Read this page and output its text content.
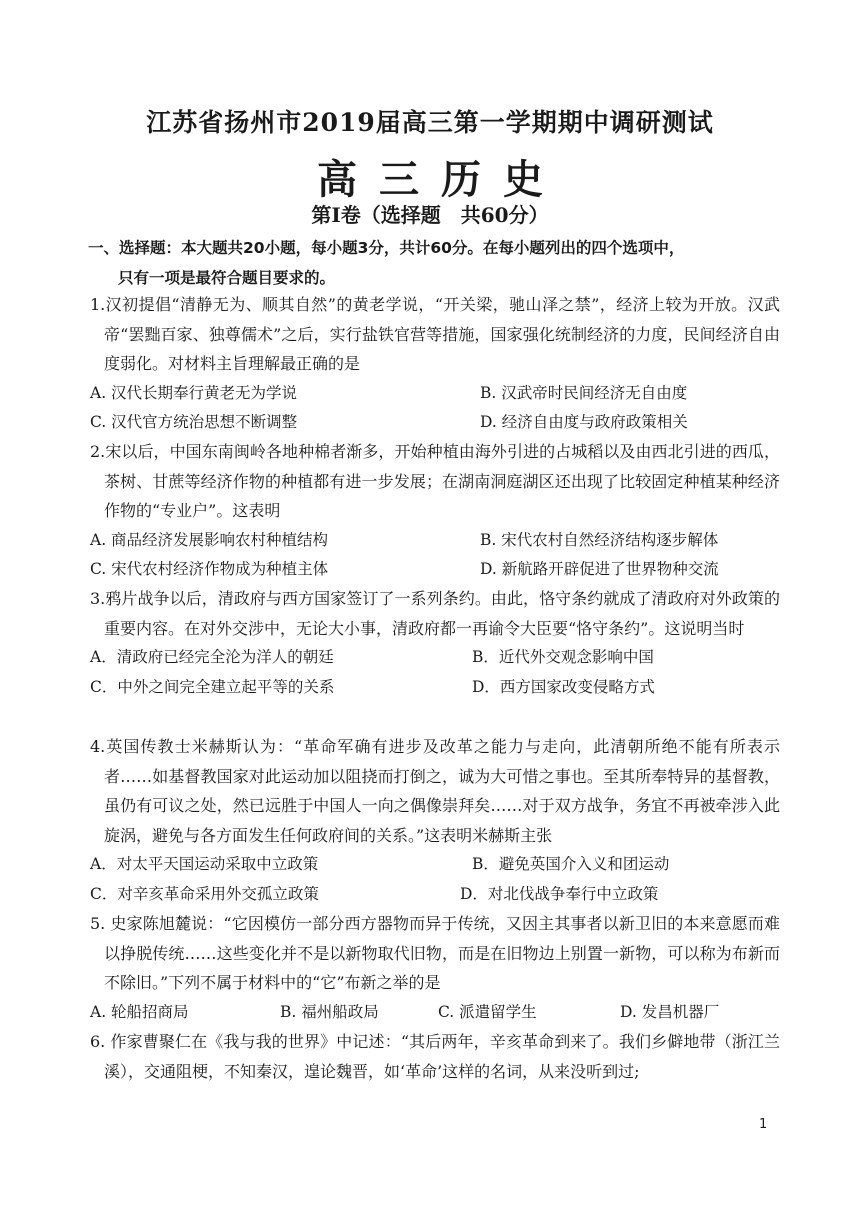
江苏省扬州市2019届高三第一学期期中调研测试
高三历史
第Ⅰ卷（选择题　共60分）
一、选择题：本大题共20小题，每小题3分，共计60分。在每小题列出的四个选项中，
只有一项是最符合题目要求的。
1.汉初提倡“清静无为、顺其自然”的黄老学说，“开关梁，驰山泽之禁”，经济上较为开放。汉武帝“罢黜百家、独尊儒术”之后，实行盐铁官营等措施，国家强化统制经济的力度，民间经济自由度弱化。对材料主旨理解最正确的是
A. 汉代长期奉行黄老无为学说	B. 汉武帝时民间经济无自由度
C. 汉代官方统治思想不断调整	D. 经济自由度与政府政策相关
2.宋以后，中国东南闽岭各地种棉者渐多，开始种植由海外引进的占城稻以及由西北引进的西瓜，茶树、甘蔗等经济作物的种植都有进一步发展；在湖南洞庭湖区还出现了比较固定种植某种经济作物的“专业户”。这表明
A. 商品经济发展影响农村种植结构	B. 宋代农村自然经济结构逐步解体
C. 宋代农村经济作物成为种植主体	D. 新航路开辟促进了世界物种交流
3.鸦片战争以后，清政府与西方国家签订了一系列条约。由此，恪守条约就成了清政府对外政策的重要内容。在对外交涉中，无论大小事，清政府都一再谕令大臣要“恪守条约”。这说明当时
A．清政府已经完全沦为洋人的朝廷	B．近代外交观念影响中国
C．中外之间完全建立起平等的关系	D．西方国家改变侵略方式
4.英国传教士米赫斯认为：“革命军确有进步及改革之能力与走向，此清朝所绝不能有所表示者……如基督教国家对此运动加以阻挠而打倒之，诚为大可惜之事也。至其所奉特异的基督教，虽仍有可议之处，然已远胜于中国人一向之偶像崇拜矣……对于双方战争，务宜不再被牵涉入此旋涡，避免与各方面发生任何政府间的关系。”这表明米赫斯主张
A．对太平天国运动采取中立政策	B．避免英国介入义和团运动
C．对辛亥革命采用外交孤立政策	D．对北伐战争奉行中立政策
5. 史家陈旭麓说：“它因模仿一部分西方器物而异于传统，又因主其事者以新卫旧的本来意愿而难以挣脱传统……这些变化并不是以新物取代旧物，而是在旧物边上别置一新物，可以称为布新而不除旧。”下列不属于材料中的“它”布新之举的是
A. 轮船招商局	B. 福州船政局	C. 派遣留学生	D. 发昌机器厂
6. 作家曹聚仁在《我与我的世界》中记述：“其后两年，辛亥革命到来了。我们乡僻地带（浙江兰溪），交通阻梗，不知秦汉，遑论魏晋，如‘革命’这样的名词，从来没听到过;
1
